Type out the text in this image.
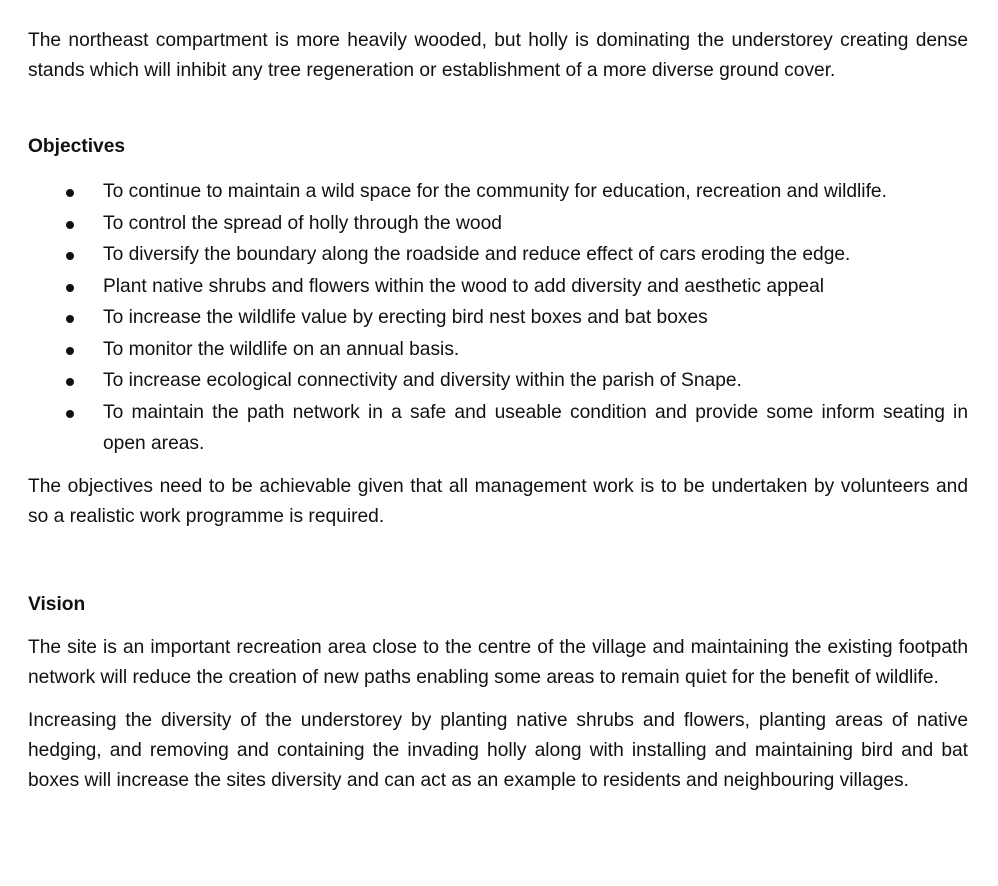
The northeast compartment is more heavily wooded, but holly is dominating the understorey creating dense stands which will inhibit any tree regeneration or establishment of a more diverse ground cover.

Objectives
To continue to maintain a wild space for the community for education, recreation and wildlife.
To control the spread of holly through the wood
To diversify the boundary along the roadside and reduce effect of cars eroding the edge.
Plant native shrubs and flowers within the wood to add diversity and aesthetic appeal
To increase the wildlife value by erecting bird nest boxes and bat boxes
To monitor the wildlife on an annual basis.
To increase ecological connectivity and diversity within the parish of Snape.
To maintain the path network in a safe and useable condition and provide some inform seating in open areas.

The objectives need to be achievable given that all management work is to be undertaken by volunteers and so a realistic work programme is required.

Vision

The site is an important recreation area close to the centre of the village and maintaining the existing footpath network will reduce the creation of new paths enabling some areas to remain quiet for the benefit of wildlife.

Increasing the diversity of the understorey by planting native shrubs and flowers, planting areas of native hedging, and removing and containing the invading holly along with installing and maintaining bird and bat boxes will increase the sites diversity and can act as an example to residents and neighbouring villages.
